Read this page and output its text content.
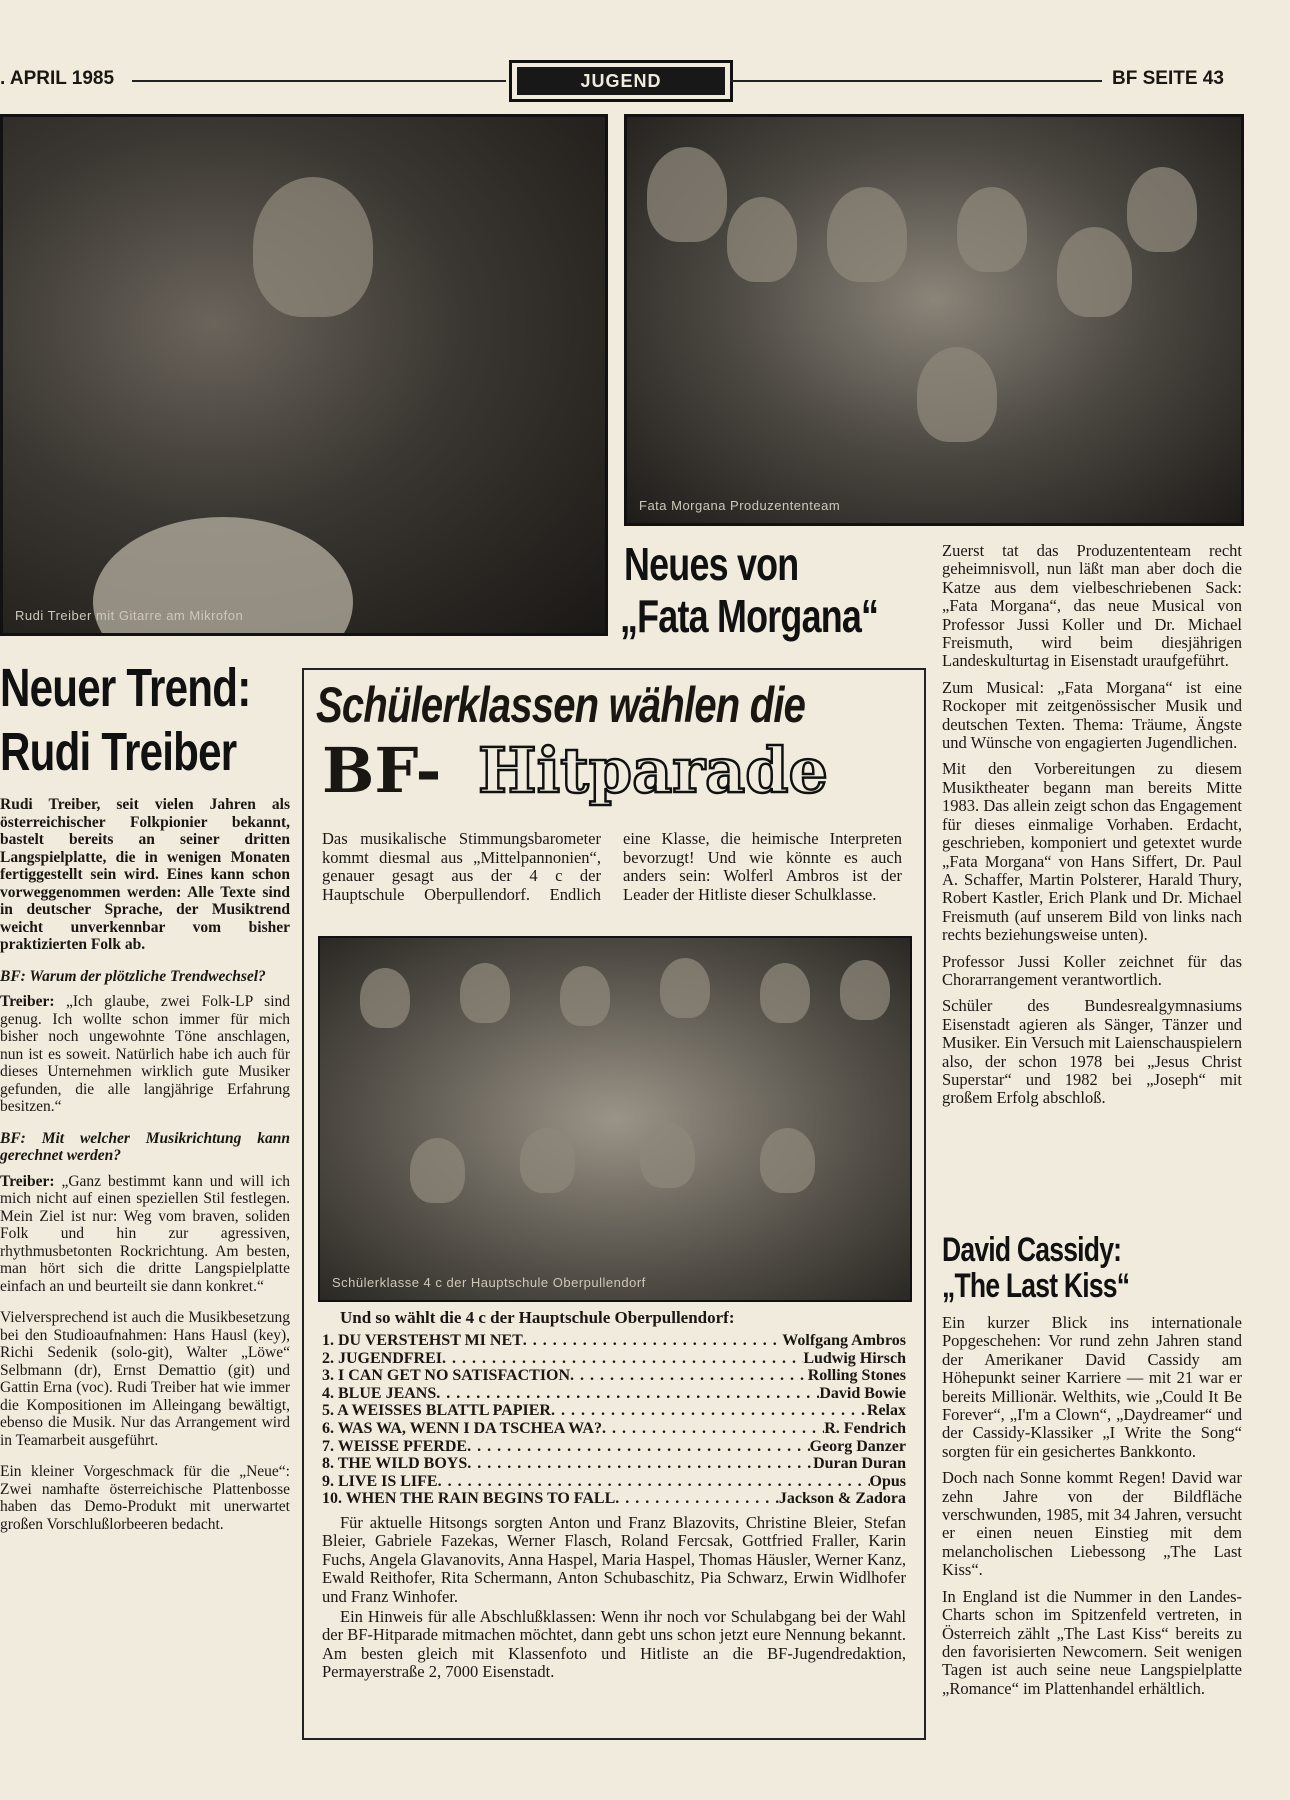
. APRIL 1985	JUGEND	BF SEITE 43
Rudi Treiber mit Gitarre am Mikrofon
Fata Morgana Produzententeam
Neues von
„Fata Morgana“

Zuerst tat das Produzententeam recht geheimnisvoll, nun läßt man aber doch die Katze aus dem vielbeschriebenen Sack: „Fata Morgana“, das neue Musical von Professor Jussi Koller und Dr. Michael Freismuth, wird beim diesjährigen Landeskulturtag in Eisenstadt uraufgeführt.

Zum Musical: „Fata Morgana“ ist eine Rockoper mit zeitgenössischer Musik und deutschen Texten. Thema: Träume, Ängste und Wünsche von engagierten Jugendlichen.

Mit den Vorbereitungen zu diesem Musiktheater begann man bereits Mitte 1983. Das allein zeigt schon das Engagement für dieses einmalige Vorhaben. Erdacht, geschrieben, komponiert und getextet wurde „Fata Morgana“ von Hans Siffert, Dr. Paul A. Schaffer, Martin Polsterer, Harald Thury, Robert Kastler, Erich Plank und Dr. Michael Freismuth (auf unserem Bild von links nach rechts beziehungsweise unten).

Professor Jussi Koller zeichnet für das Chorarrangement verantwortlich.

Schüler des Bundesrealgymnasiums Eisenstadt agieren als Sänger, Tänzer und Musiker. Ein Versuch mit Laienschauspielern also, der schon 1978 bei „Jesus Christ Superstar“ und 1982 bei „Joseph“ mit großem Erfolg abschloß.

David Cassidy:
„The Last Kiss“

Ein kurzer Blick ins internationale Popgeschehen: Vor rund zehn Jahren stand der Amerikaner David Cassidy am Höhepunkt seiner Karriere — mit 21 war er bereits Millionär. Welthits, wie „Could It Be Forever“, „I'm a Clown“, „Daydreamer“ und der Cassidy-Klassiker „I Write the Song“ sorgten für ein gesichertes Bankkonto.

Doch nach Sonne kommt Regen! David war zehn Jahre von der Bildfläche verschwunden, 1985, mit 34 Jahren, versucht er einen neuen Einstieg mit dem melancholischen Liebessong „The Last Kiss“.

In England ist die Nummer in den Landes-Charts schon im Spitzenfeld vertreten, in Österreich zählt „The Last Kiss“ bereits zu den favorisierten Newcomern. Seit wenigen Tagen ist auch seine neue Langspielplatte „Romance“ im Plattenhandel erhältlich.

Neuer Trend:
Rudi Treiber

Rudi Treiber, seit vielen Jahren als österreichischer Folkpionier bekannt, bastelt bereits an seiner dritten Langspielplatte, die in wenigen Monaten fertiggestellt sein wird. Eines kann schon vorweggenommen werden: Alle Texte sind in deutscher Sprache, der Musiktrend weicht unverkennbar vom bisher praktizierten Folk ab.

BF: Warum der plötzliche Trendwechsel?

Treiber: „Ich glaube, zwei Folk-LP sind genug. Ich wollte schon immer für mich bisher noch ungewohnte Töne anschlagen, nun ist es soweit. Natürlich habe ich auch für dieses Unternehmen wirklich gute Musiker gefunden, die alle langjährige Erfahrung besitzen.“

BF: Mit welcher Musikrichtung kann gerechnet werden?

Treiber: „Ganz bestimmt kann und will ich mich nicht auf einen speziellen Stil festlegen. Mein Ziel ist nur: Weg vom braven, soliden Folk und hin zur agressiven, rhythmusbetonten Rockrichtung. Am besten, man hört sich die dritte Langspielplatte einfach an und beurteilt sie dann konkret.“

Vielversprechend ist auch die Musikbesetzung bei den Studioaufnahmen: Hans Hausl (key), Richi Sedenik (solo-git), Walter „Löwe“ Selbmann (dr), Ernst Demattio (git) und Gattin Erna (voc). Rudi Treiber hat wie immer die Kompositionen im Alleingang bewältigt, ebenso die Musik. Nur das Arrangement wird in Teamarbeit ausgeführt.

Ein kleiner Vorgeschmack für die „Neue“: Zwei namhafte österreichische Plattenbosse haben das Demo-Produkt mit unerwartet großen Vorschlußlorbeeren bedacht.

Schülerklassen wählen die
BF- Hitparade
Das musikalische Stimmungsbarometer kommt diesmal aus „Mittelpannonien“, genauer gesagt aus der 4 c der Hauptschule Oberpullendorf. Endlich eine Klasse, die heimische Interpreten bevorzugt! Und wie könnte es auch anders sein: Wolferl Ambros ist der Leader der Hitliste dieser Schulklasse.
Schülerklasse 4 c der Hauptschule Oberpullendorf
Und so wählt die 4 c der Hauptschule Oberpullendorf:
1. DU VERSTEHST MI NET . . .	Wolfgang Ambros
2. JUGENDFREI . . .	Ludwig Hirsch
3. I CAN GET NO SATISFACTION . . .	Rolling Stones
4. BLUE JEANS . . .	David Bowie
5. A WEISSES BLATTL PAPIER . . .	Relax
6. WAS WA, WENN I DA TSCHEA WA? . . .	R. Fendrich
7. WEISSE PFERDE . . .	Georg Danzer
8. THE WILD BOYS . . .	Duran Duran
9. LIVE IS LIFE . . .	Opus
10. WHEN THE RAIN BEGINS TO FALL . . .	Jackson & Zadora

Für aktuelle Hitsongs sorgten Anton und Franz Blazovits, Christine Bleier, Stefan Bleier, Gabriele Fazekas, Werner Flasch, Roland Fercsak, Gottfried Fraller, Karin Fuchs, Angela Glavanovits, Anna Haspel, Maria Haspel, Thomas Häusler, Werner Kanz, Ewald Reithofer, Rita Schermann, Anton Schubaschitz, Pia Schwarz, Erwin Widlhofer und Franz Winhofer.

Ein Hinweis für alle Abschlußklassen: Wenn ihr noch vor Schulabgang bei der Wahl der BF-Hitparade mitmachen möchtet, dann gebt uns schon jetzt eure Nennung bekannt. Am besten gleich mit Klassenfoto und Hitliste an die BF-Jugendredaktion, Permayerstraße 2, 7000 Eisenstadt.
